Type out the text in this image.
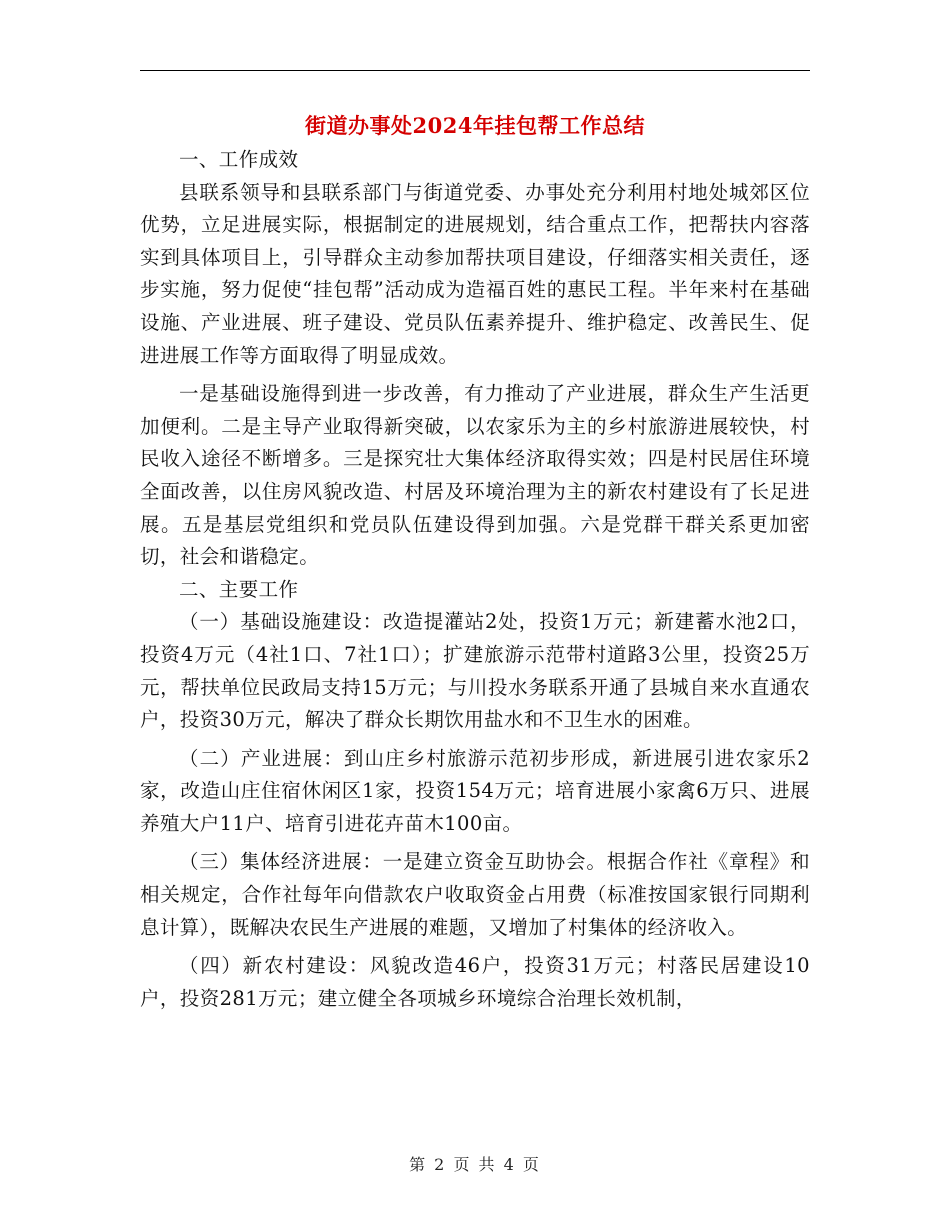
街道办事处2024年挂包帮工作总结

一、工作成效

县联系领导和县联系部门与街道党委、办事处充分利用村地处城郊区位优势，立足进展实际，根据制定的进展规划，结合重点工作，把帮扶内容落实到具体项目上，引导群众主动参加帮扶项目建设，仔细落实相关责任，逐步实施，努力促使“挂包帮”活动成为造福百姓的惠民工程。半年来村在基础设施、产业进展、班子建设、党员队伍素养提升、维护稳定、改善民生、促进进展工作等方面取得了明显成效。

一是基础设施得到进一步改善，有力推动了产业进展，群众生产生活更加便利。二是主导产业取得新突破，以农家乐为主的乡村旅游进展较快，村民收入途径不断增多。三是探究壮大集体经济取得实效；四是村民居住环境全面改善，以住房风貌改造、村居及环境治理为主的新农村建设有了长足进展。五是基层党组织和党员队伍建设得到加强。六是党群干群关系更加密切，社会和谐稳定。

二、主要工作

（一）基础设施建设：改造提灌站2处，投资1万元；新建蓄水池2口，投资4万元（4社1口、7社1口）；扩建旅游示范带村道路3公里，投资25万元，帮扶单位民政局支持15万元；与川投水务联系开通了县城自来水直通农户，投资30万元，解决了群众长期饮用盐水和不卫生水的困难。

（二）产业进展：到山庄乡村旅游示范初步形成，新进展引进农家乐2家，改造山庄住宿休闲区1家，投资154万元；培育进展小家禽6万只、进展养殖大户11户、培育引进花卉苗木100亩。

（三）集体经济进展：一是建立资金互助协会。根据合作社《章程》和相关规定，合作社每年向借款农户收取资金占用费（标准按国家银行同期利息计算），既解决农民生产进展的难题，又增加了村集体的经济收入。

（四）新农村建设：风貌改造46户，投资31万元；村落民居建设10户，投资281万元；建立健全各项城乡环境综合治理长效机制，

第 2 页 共 4 页
